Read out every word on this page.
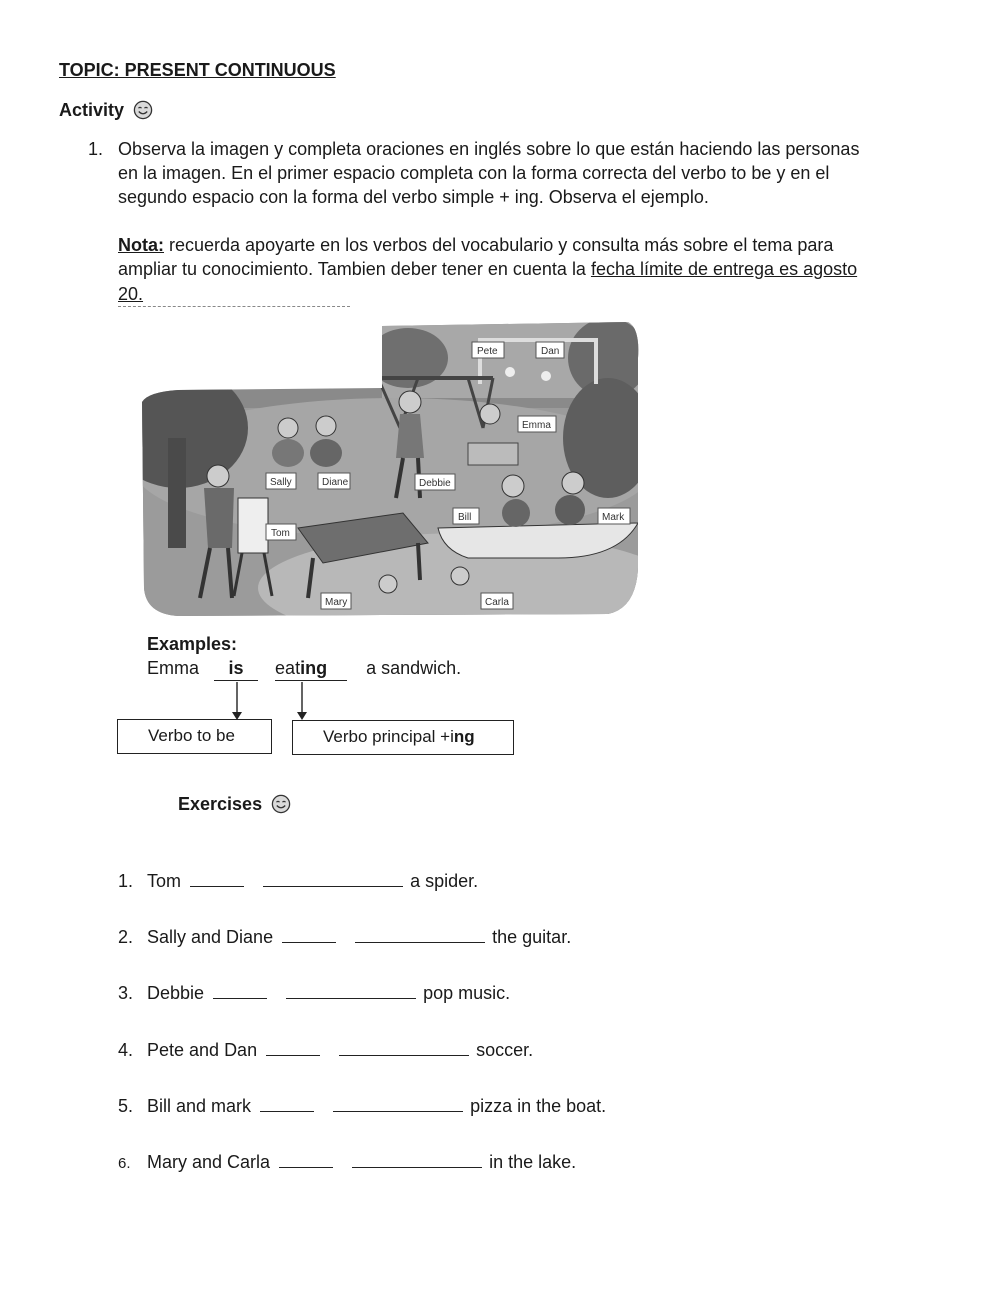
TOPIC: PRESENT CONTINUOUS
Activity
1. Observa la imagen y completa oraciones en inglés sobre lo que están haciendo las personas
en la imagen. En el primer espacio completa con la forma correcta del verbo to be y en el
segundo espacio con la forma del verbo simple + ing. Observa el ejemplo.
Nota: recuerda apoyarte en los verbos del vocabulario y consulta más sobre el tema para
ampliar tu conocimiento. Tambien deber tener en cuenta la fecha límite de entrega es agosto
20.
Pete	Dan
Emma
Sally	Diane	Debbie
Bill	Mark
Tom
Mary	Carla
Examples:
Emma is eating a sandwich.
Verbo to be	Verbo principal +ing
Exercises
1. Tom	a spider.
2. Sally and Diane	the guitar.
3. Debbie	pop music.
4. Pete and Dan	soccer.
5. Bill and mark	pizza in the boat.
6. Mary and Carla	in the lake.
